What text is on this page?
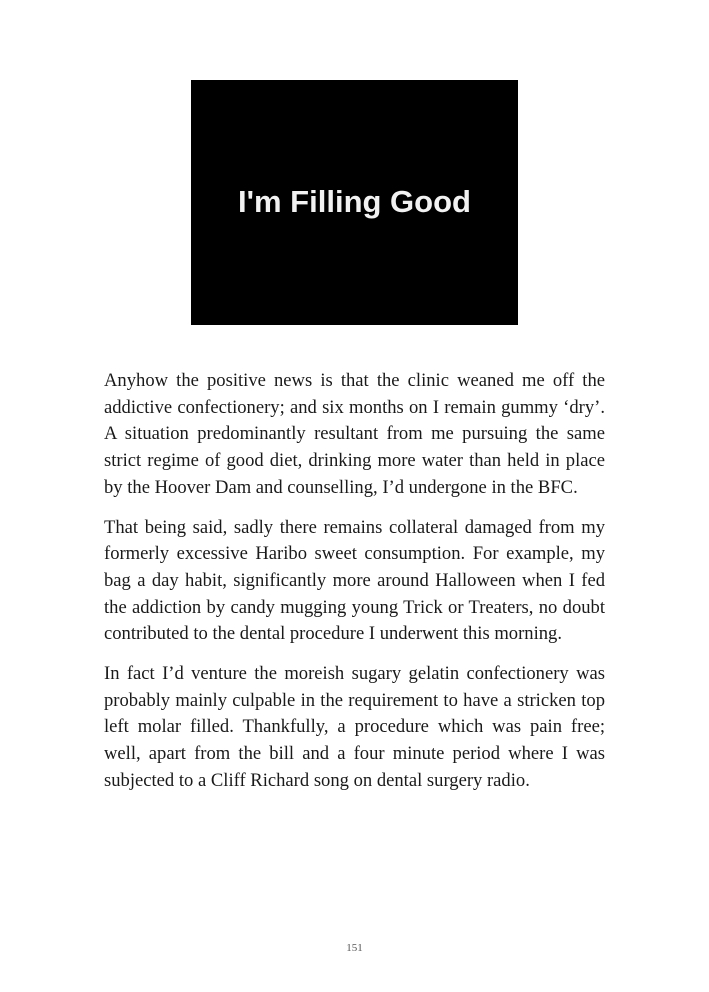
I'm Filling Good

Anyhow the positive news is that the clinic weaned me off the addictive confectionery; and six months on I remain gummy ‘dry’. A situation predominantly resultant from me pursuing the same strict regime of good diet, drinking more water than held in place by the Hoover Dam and counselling, I’d undergone in the BFC.

That being said, sadly there remains collateral damaged from my formerly excessive Haribo sweet consumption. For example, my bag a day habit, significantly more around Halloween when I fed the addiction by candy mugging young Trick or Treaters, no doubt contributed to the dental procedure I underwent this morning.

In fact I’d venture the moreish sugary gelatin confectionery was probably mainly culpable in the requirement to have a stricken top left molar filled. Thankfully, a procedure which was pain free; well, apart from the bill and a four minute period where I was subjected to a Cliff Richard song on dental surgery radio.

151
